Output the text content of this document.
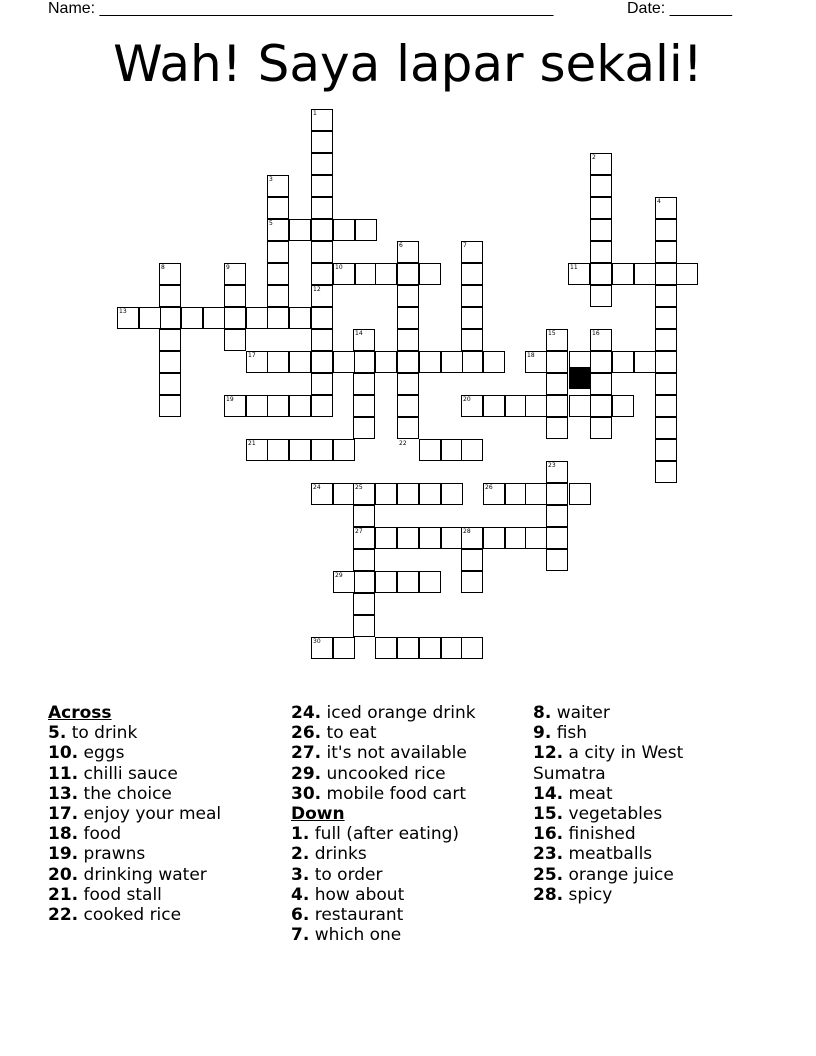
Name: ___________________________________________________	Date: _______
Wah! Saya lapar sekali!
1
2
3
4
5
6	7
8	9	10	11
12
13
14	15	16
17	18
19	20
21	22
23
24	25	26
27	28
29
30
Across
5. to drink
10. eggs
11. chilli sauce
13. the choice
17. enjoy your meal
18. food
19. prawns
20. drinking water
21. food stall
22. cooked rice
24. iced orange drink
26. to eat
27. it's not available
29. uncooked rice
30. mobile food cart
Down
1. full (after eating)
2. drinks
3. to order
4. how about
6. restaurant
7. which one
8. waiter
9. fish
12. a city in West Sumatra
14. meat
15. vegetables
16. finished
23. meatballs
25. orange juice
28. spicy
